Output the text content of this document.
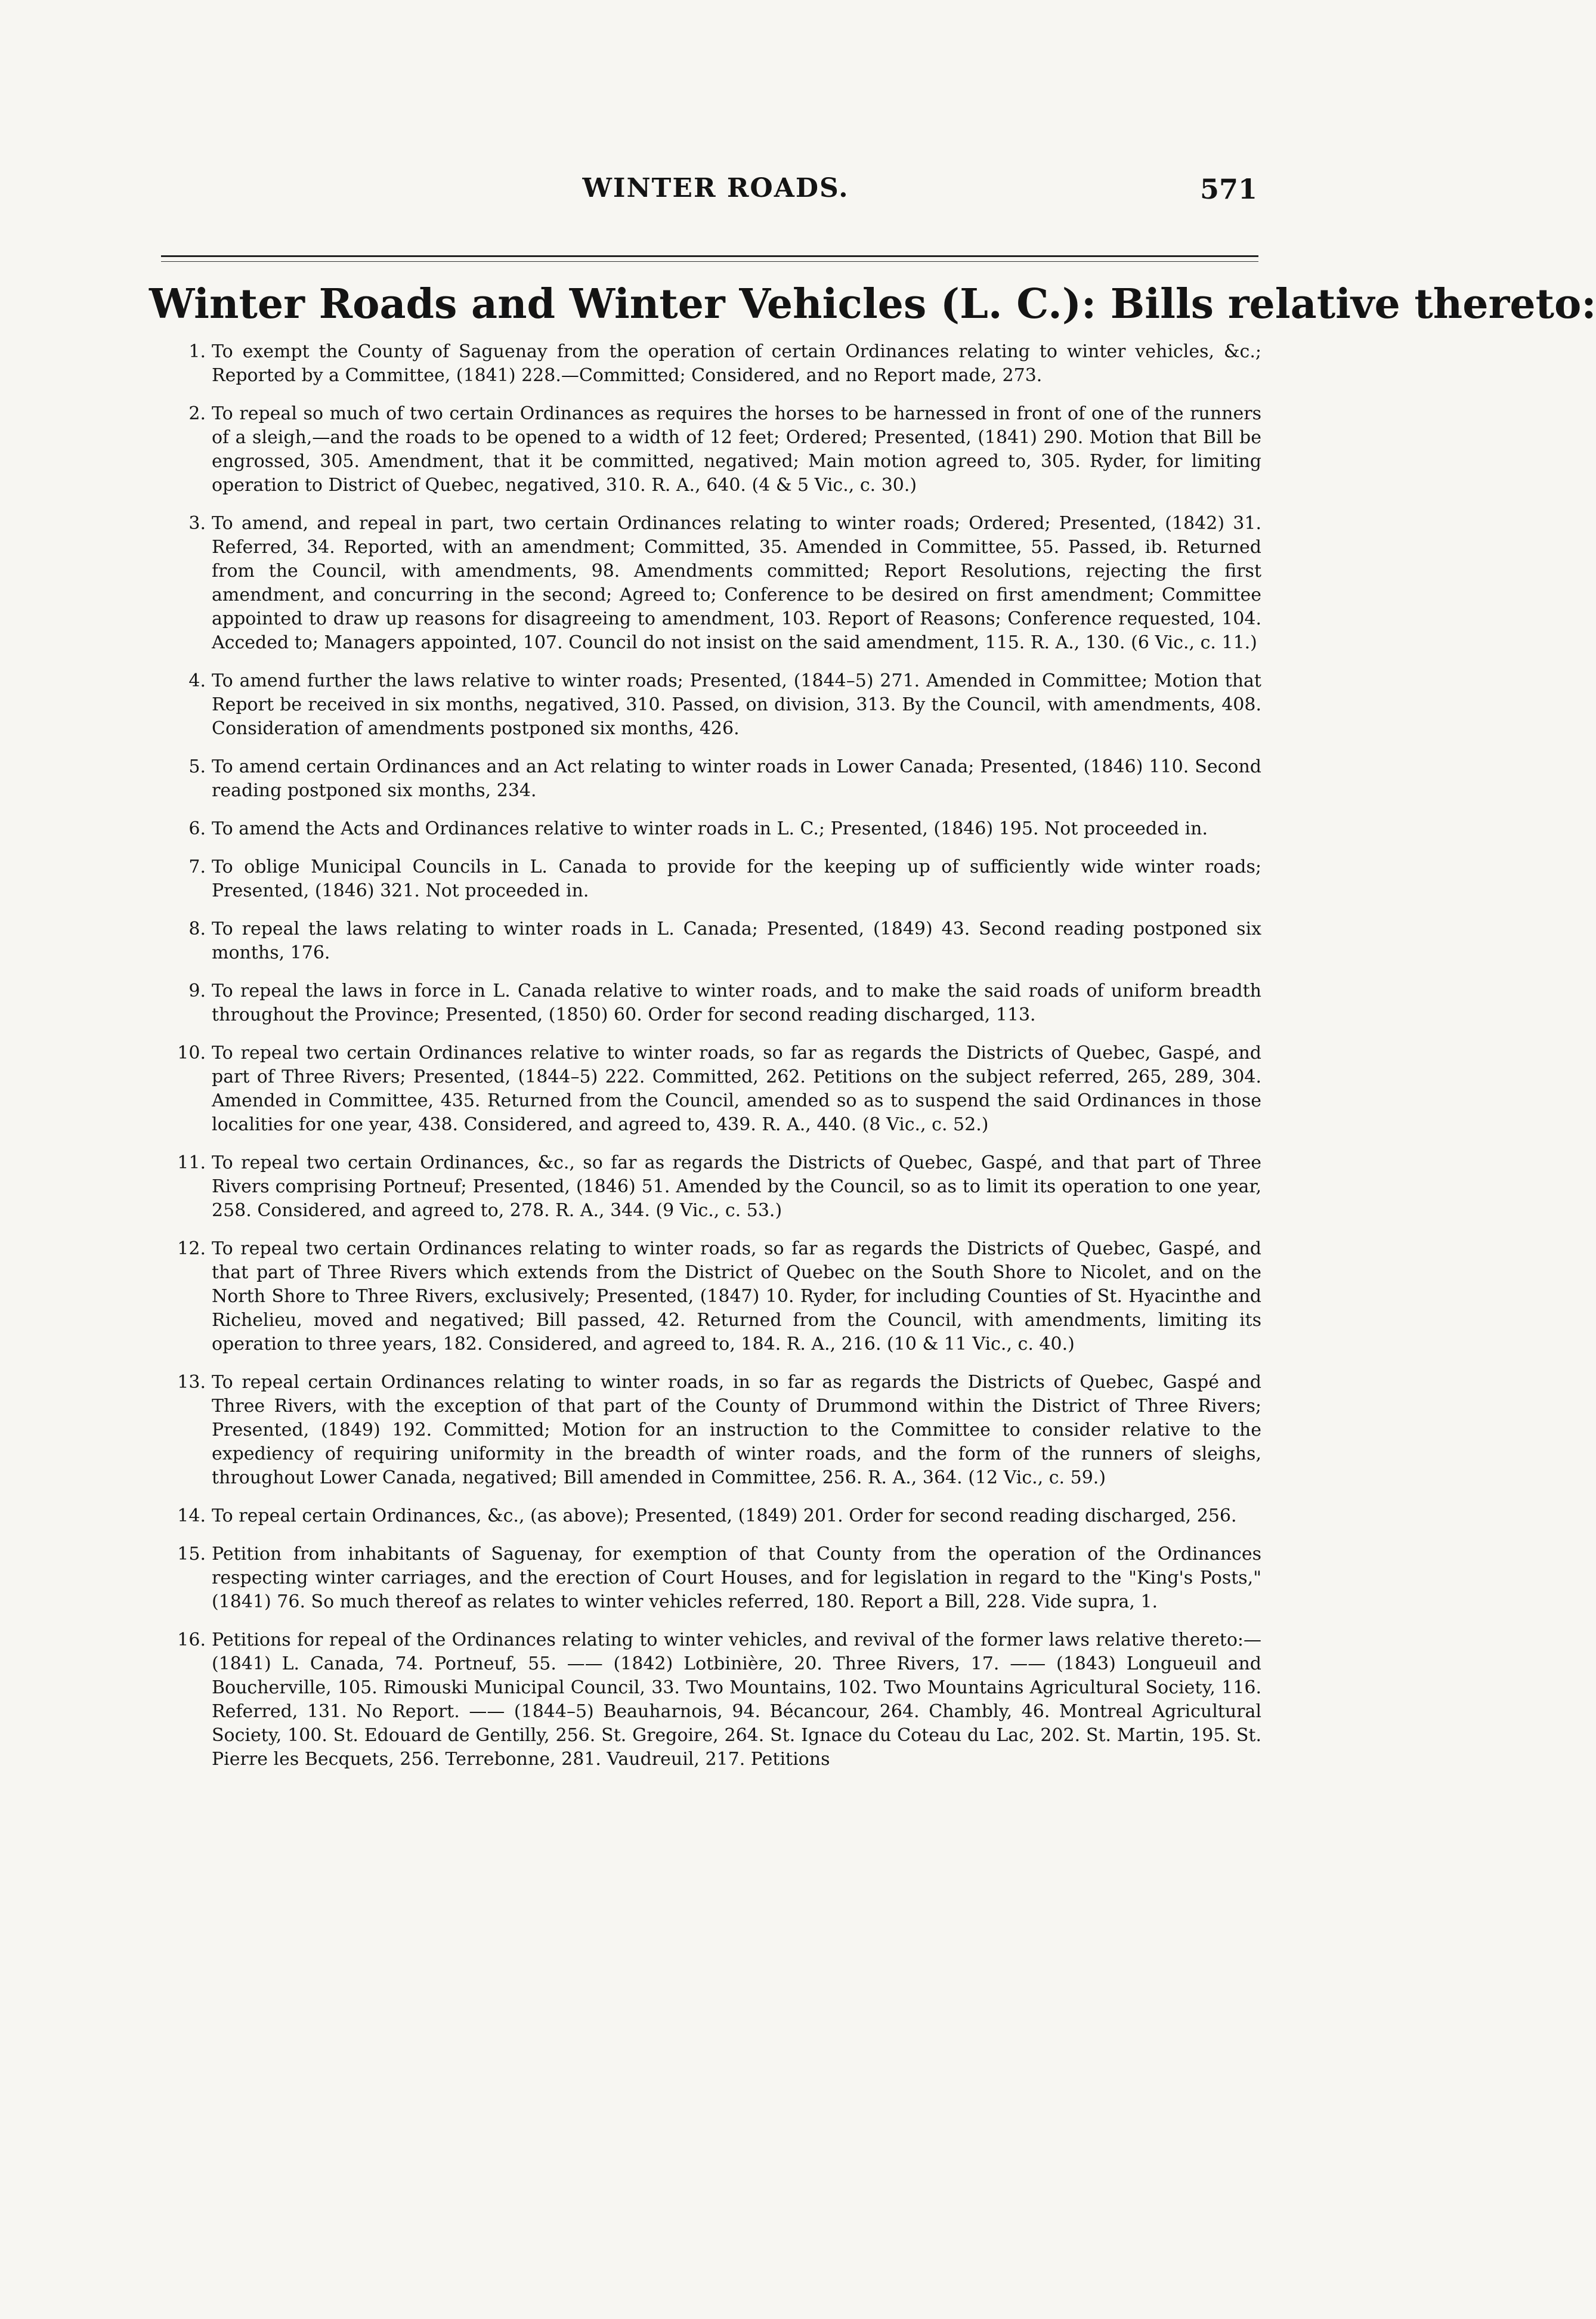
WINTER ROADS.	571
Winter Roads and Winter Vehicles (L. C.): Bills relative thereto:
1. To exempt the County of Saguenay from the operation of certain Ordinances relating to winter vehicles, &c.; Reported by a Committee, (1841) 228.—Committed; Considered, and no Report made, 273.
2. To repeal so much of two certain Ordinances as requires the horses to be harnessed in front of one of the runners of a sleigh,—and the roads to be opened to a width of 12 feet; Ordered; Presented, (1841) 290. Motion that Bill be engrossed, 305. Amendment, that it be committed, negatived; Main motion agreed to, 305. Ryder, for limiting operation to District of Quebec, negatived, 310. R. A., 640. (4 & 5 Vic., c. 30.)
3. To amend, and repeal in part, two certain Ordinances relating to winter roads; Ordered; Presented, (1842) 31. Referred, 34. Reported, with an amendment; Committed, 35. Amended in Committee, 55. Passed, ib. Returned from the Council, with amendments, 98. Amendments committed; Report Resolutions, rejecting the first amendment, and concurring in the second; Agreed to; Conference to be desired on first amendment; Committee appointed to draw up reasons for disagreeing to amendment, 103. Report of Reasons; Conference requested, 104. Acceded to; Managers appointed, 107. Council do not insist on the said amendment, 115. R. A., 130. (6 Vic., c. 11.)
4. To amend further the laws relative to winter roads; Presented, (1844–5) 271. Amended in Committee; Motion that Report be received in six months, negatived, 310. Passed, on division, 313. By the Council, with amendments, 408. Consideration of amendments postponed six months, 426.
5. To amend certain Ordinances and an Act relating to winter roads in Lower Canada; Presented, (1846) 110. Second reading postponed six months, 234.
6. To amend the Acts and Ordinances relative to winter roads in L. C.; Presented, (1846) 195. Not proceeded in.
7. To oblige Municipal Councils in L. Canada to provide for the keeping up of sufficiently wide winter roads; Presented, (1846) 321. Not proceeded in.
8. To repeal the laws relating to winter roads in L. Canada; Presented, (1849) 43. Second reading postponed six months, 176.
9. To repeal the laws in force in L. Canada relative to winter roads, and to make the said roads of uniform breadth throughout the Province; Presented, (1850) 60. Order for second reading discharged, 113.
10. To repeal two certain Ordinances relative to winter roads, so far as regards the Districts of Quebec, Gaspé, and part of Three Rivers; Presented, (1844–5) 222. Committed, 262. Petitions on the subject referred, 265, 289, 304. Amended in Committee, 435. Returned from the Council, amended so as to suspend the said Ordinances in those localities for one year, 438. Considered, and agreed to, 439. R. A., 440. (8 Vic., c. 52.)
11. To repeal two certain Ordinances, &c., so far as regards the Districts of Quebec, Gaspé, and that part of Three Rivers comprising Portneuf; Presented, (1846) 51. Amended by the Council, so as to limit its operation to one year, 258. Considered, and agreed to, 278. R. A., 344. (9 Vic., c. 53.)
12. To repeal two certain Ordinances relating to winter roads, so far as regards the Districts of Quebec, Gaspé, and that part of Three Rivers which extends from the District of Quebec on the South Shore to Nicolet, and on the North Shore to Three Rivers, exclusively; Presented, (1847) 10. Ryder, for including Counties of St. Hyacinthe and Richelieu, moved and negatived; Bill passed, 42. Returned from the Council, with amendments, limiting its operation to three years, 182. Considered, and agreed to, 184. R. A., 216. (10 & 11 Vic., c. 40.)
13. To repeal certain Ordinances relating to winter roads, in so far as regards the Districts of Quebec, Gaspé and Three Rivers, with the exception of that part of the County of Drummond within the District of Three Rivers; Presented, (1849) 192. Committed; Motion for an instruction to the Committee to consider relative to the expediency of requiring uniformity in the breadth of winter roads, and the form of the runners of sleighs, throughout Lower Canada, negatived; Bill amended in Committee, 256. R. A., 364. (12 Vic., c. 59.)
14. To repeal certain Ordinances, &c., (as above); Presented, (1849) 201. Order for second reading discharged, 256.
15. Petition from inhabitants of Saguenay, for exemption of that County from the operation of the Ordinances respecting winter carriages, and the erection of Court Houses, and for legislation in regard to the "King's Posts," (1841) 76. So much thereof as relates to winter vehicles referred, 180. Report a Bill, 228. Vide supra, 1.
16. Petitions for repeal of the Ordinances relating to winter vehicles, and revival of the former laws relative thereto:— (1841) L. Canada, 74. Portneuf, 55. —— (1842) Lotbinière, 20. Three Rivers, 17. —— (1843) Longueuil and Boucherville, 105. Rimouski Municipal Council, 33. Two Mountains, 102. Two Mountains Agricultural Society, 116. Referred, 131. No Report. —— (1844–5) Beauharnois, 94. Bécancour, 264. Chambly, 46. Montreal Agricultural Society, 100. St. Edouard de Gentilly, 256. St. Gregoire, 264. St. Ignace du Coteau du Lac, 202. St. Martin, 195. St. Pierre les Becquets, 256. Terrebonne, 281. Vaudreuil, 217. Petitions
